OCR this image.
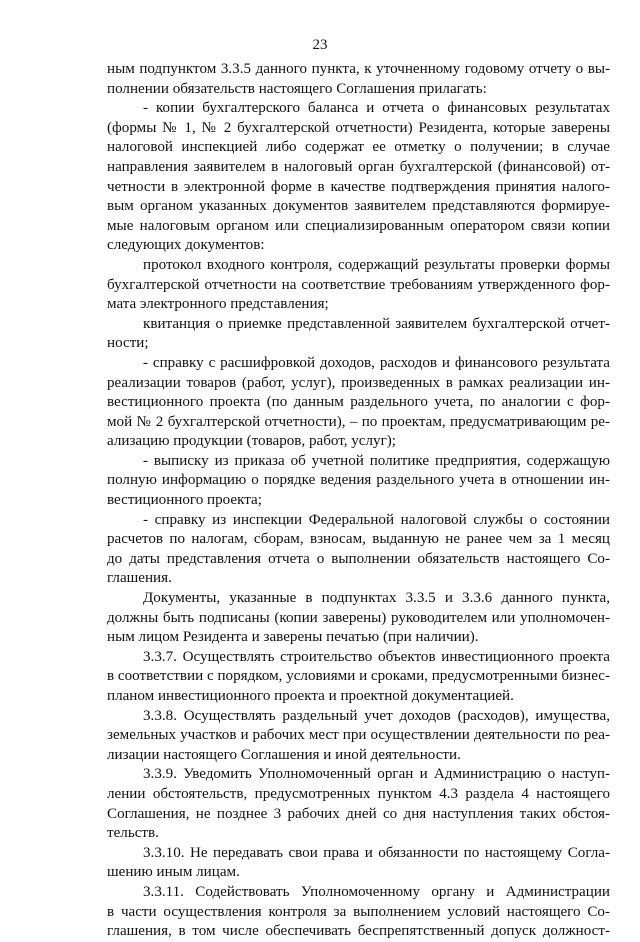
23
ным подпунктом 3.3.5 данного пункта, к уточненному годовому отчету о вы-
полнении обязательств настоящего Соглашения прилагать:
- копии бухгалтерского баланса и отчета о финансовых результатах
(формы № 1, № 2 бухгалтерской отчетности) Резидента, которые заверены
налоговой инспекцией либо содержат ее отметку о получении; в случае
направления заявителем в налоговый орган бухгалтерской (финансовой) от-
четности в электронной форме в качестве подтверждения принятия налого-
вым органом указанных документов заявителем представляются формируе-
мые налоговым органом или специализированным оператором связи копии
следующих документов:
протокол входного контроля, содержащий результаты проверки формы
бухгалтерской отчетности на соответствие требованиям утвержденного фор-
мата электронного представления;
квитанция о приемке представленной заявителем бухгалтерской отчет-
ности;
- справку с расшифровкой доходов, расходов и финансового результата
реализации товаров (работ, услуг), произведенных в рамках реализации ин-
вестиционного проекта (по данным раздельного учета, по аналогии с фор-
мой № 2 бухгалтерской отчетности), – по проектам, предусматривающим ре-
ализацию продукции (товаров, работ, услуг);
- выписку из приказа об учетной политике предприятия, содержащую
полную информацию о порядке ведения раздельного учета в отношении ин-
вестиционного проекта;
- справку из инспекции Федеральной налоговой службы о состоянии
расчетов по налогам, сборам, взносам, выданную не ранее чем за 1 месяц
до даты представления отчета о выполнении обязательств настоящего Со-
глашения.
Документы, указанные в подпунктах 3.3.5 и 3.3.6 данного пункта,
должны быть подписаны (копии заверены) руководителем или уполномочен-
ным лицом Резидента и заверены печатью (при наличии).
3.3.7. Осуществлять строительство объектов инвестиционного проекта
в соответствии с порядком, условиями и сроками, предусмотренными бизнес-
планом инвестиционного проекта и проектной документацией.
3.3.8. Осуществлять раздельный учет доходов (расходов), имущества,
земельных участков и рабочих мест при осуществлении деятельности по реа-
лизации настоящего Соглашения и иной деятельности.
3.3.9. Уведомить Уполномоченный орган и Администрацию о наступ-
лении обстоятельств, предусмотренных пунктом 4.3 раздела 4 настоящего
Соглашения, не позднее 3 рабочих дней со дня наступления таких обстоя-
тельств.
3.3.10. Не передавать свои права и обязанности по настоящему Согла-
шению иным лицам.
3.3.11. Содействовать Уполномоченному органу и Администрации
в части осуществления контроля за выполнением условий настоящего Со-
глашения, в том числе обеспечивать беспрепятственный допуск должност-
